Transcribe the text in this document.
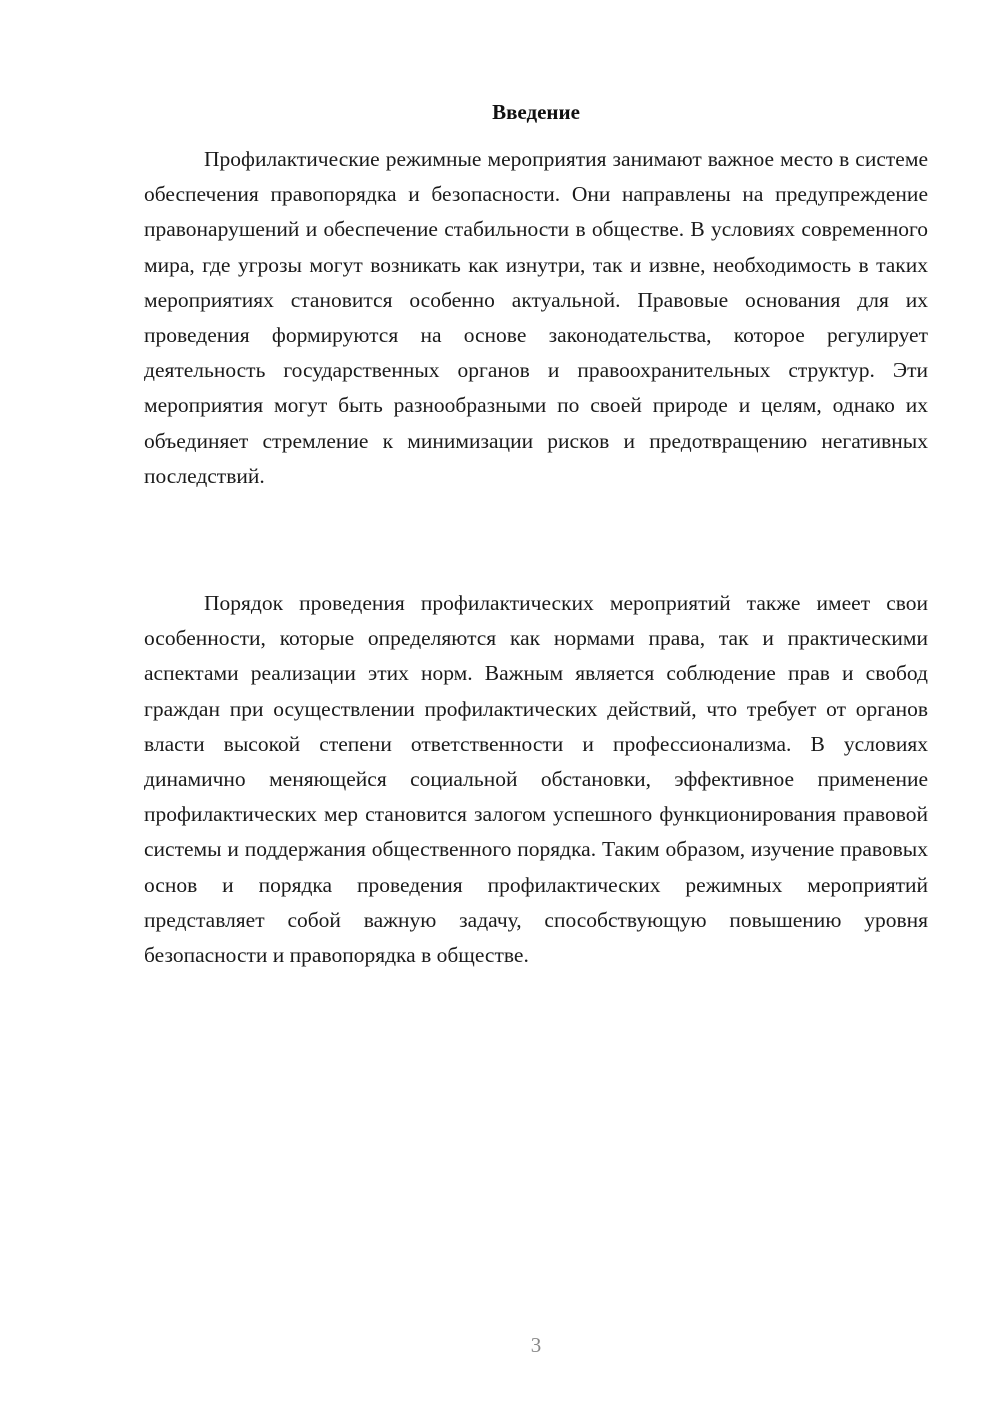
Введение

Профилактические режимные мероприятия занимают важное место в системе обеспечения правопорядка и безопасности. Они направлены на предупреждение правонарушений и обеспечение стабильности в обществе. В условиях современного мира, где угрозы могут возникать как изнутри, так и извне, необходимость в таких мероприятиях становится особенно актуальной. Правовые основания для их проведения формируются на основе законодательства, которое регулирует деятельность государственных органов и правоохранительных структур. Эти мероприятия могут быть разнообразными по своей природе и целям, однако их объединяет стремление к минимизации рисков и предотвращению негативных последствий.

Порядок проведения профилактических мероприятий также имеет свои особенности, которые определяются как нормами права, так и практическими аспектами реализации этих норм. Важным является соблюдение прав и свобод граждан при осуществлении профилактических действий, что требует от органов власти высокой степени ответственности и профессионализма. В условиях динамично меняющейся социальной обстановки, эффективное применение профилактических мер становится залогом успешного функционирования правовой системы и поддержания общественного порядка. Таким образом, изучение правовых основ и порядка проведения профилактических режимных мероприятий представляет собой важную задачу, способствующую повышению уровня безопасности и правопорядка в обществе.

3
